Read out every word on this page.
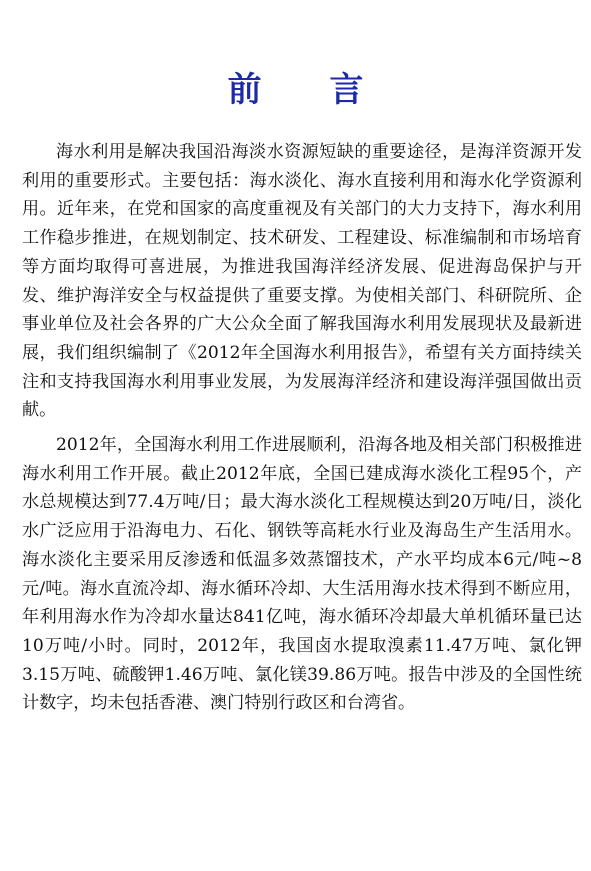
前 言

海水利用是解决我国沿海淡水资源短缺的重要途径，是海洋资源开发利用的重要形式。主要包括：海水淡化、海水直接利用和海水化学资源利用。近年来，在党和国家的高度重视及有关部门的大力支持下，海水利用工作稳步推进，在规划制定、技术研发、工程建设、标准编制和市场培育等方面均取得可喜进展，为推进我国海洋经济发展、促进海岛保护与开发、维护海洋安全与权益提供了重要支撑。为使相关部门、科研院所、企事业单位及社会各界的广大公众全面了解我国海水利用发展现状及最新进展，我们组织编制了《2012年全国海水利用报告》，希望有关方面持续关注和支持我国海水利用事业发展，为发展海洋经济和建设海洋强国做出贡献。

2012年，全国海水利用工作进展顺利，沿海各地及相关部门积极推进海水利用工作开展。截止2012年底，全国已建成海水淡化工程95个，产水总规模达到77.4万吨/日；最大海水淡化工程规模达到20万吨/日，淡化水广泛应用于沿海电力、石化、钢铁等高耗水行业及海岛生产生活用水。海水淡化主要采用反渗透和低温多效蒸馏技术，产水平均成本6元/吨~8元/吨。海水直流冷却、海水循环冷却、大生活用海水技术得到不断应用，年利用海水作为冷却水量达841亿吨，海水循环冷却最大单机循环量已达10万吨/小时。同时，2012年，我国卤水提取溴素11.47万吨、氯化钾3.15万吨、硫酸钾1.46万吨、氯化镁39.86万吨。报告中涉及的全国性统计数字，均未包括香港、澳门特别行政区和台湾省。
